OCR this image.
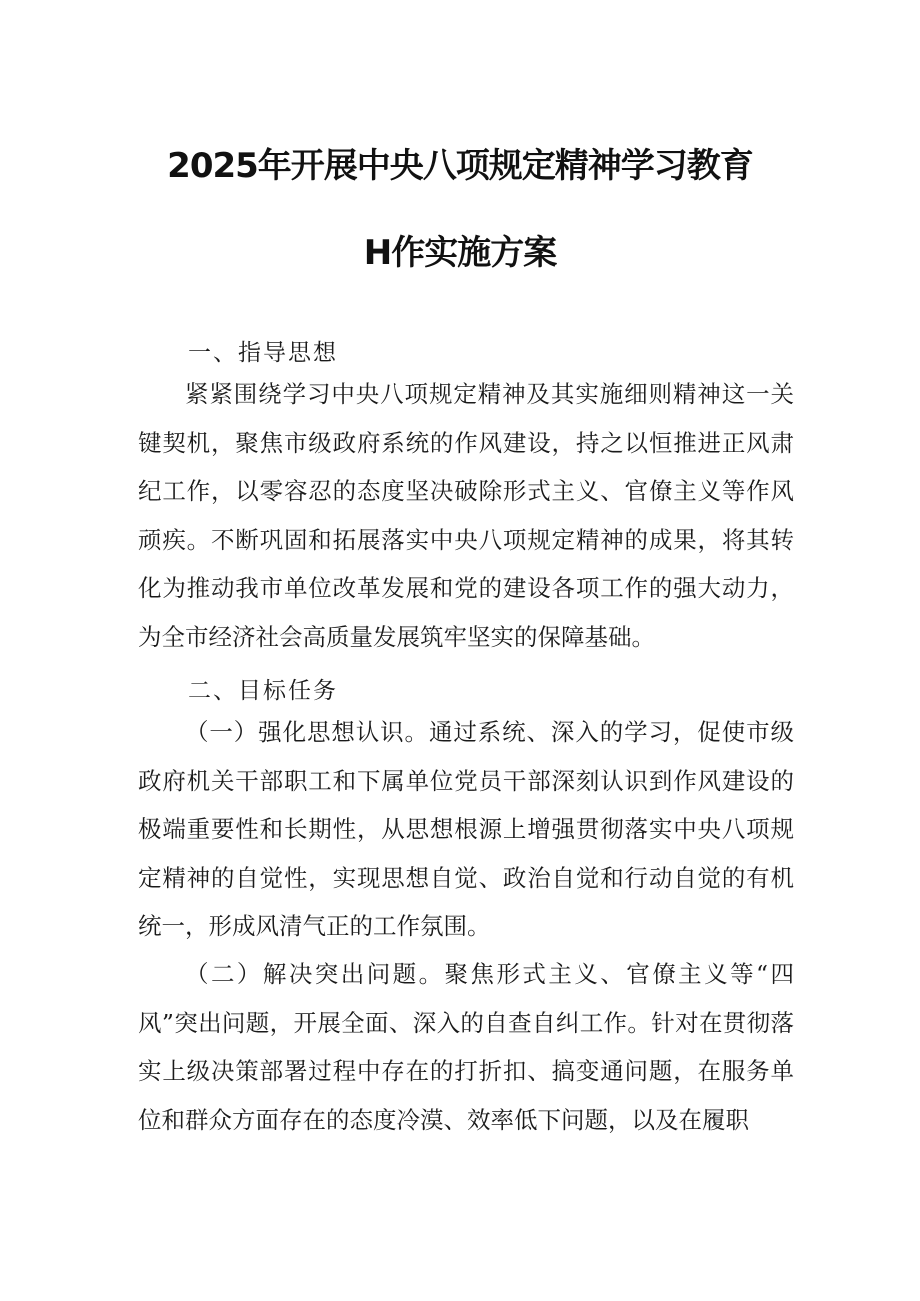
2025年开展中央八项规定精神学习教育
H作实施方案
一、指导思想
紧紧围绕学习中央八项规定精神及其实施细则精神这一关键契机，聚焦市级政府系统的作风建设，持之以恒推进正风肃纪工作，以零容忍的态度坚决破除形式主义、官僚主义等作风顽疾。不断巩固和拓展落实中央八项规定精神的成果，将其转化为推动我市单位改革发展和党的建设各项工作的强大动力，为全市经济社会高质量发展筑牢坚实的保障基础。
二、目标任务
（一）强化思想认识。通过系统、深入的学习，促使市级政府机关干部职工和下属单位党员干部深刻认识到作风建设的极端重要性和长期性，从思想根源上增强贯彻落实中央八项规定精神的自觉性，实现思想自觉、政治自觉和行动自觉的有机统一，形成风清气正的工作氛围。
（二）解决突出问题。聚焦形式主义、官僚主义等“四风”突出问题，开展全面、深入的自查自纠工作。针对在贯彻落实上级决策部署过程中存在的打折扣、搞变通问题，在服务单位和群众方面存在的态度冷漠、效率低下问题，以及在履职
